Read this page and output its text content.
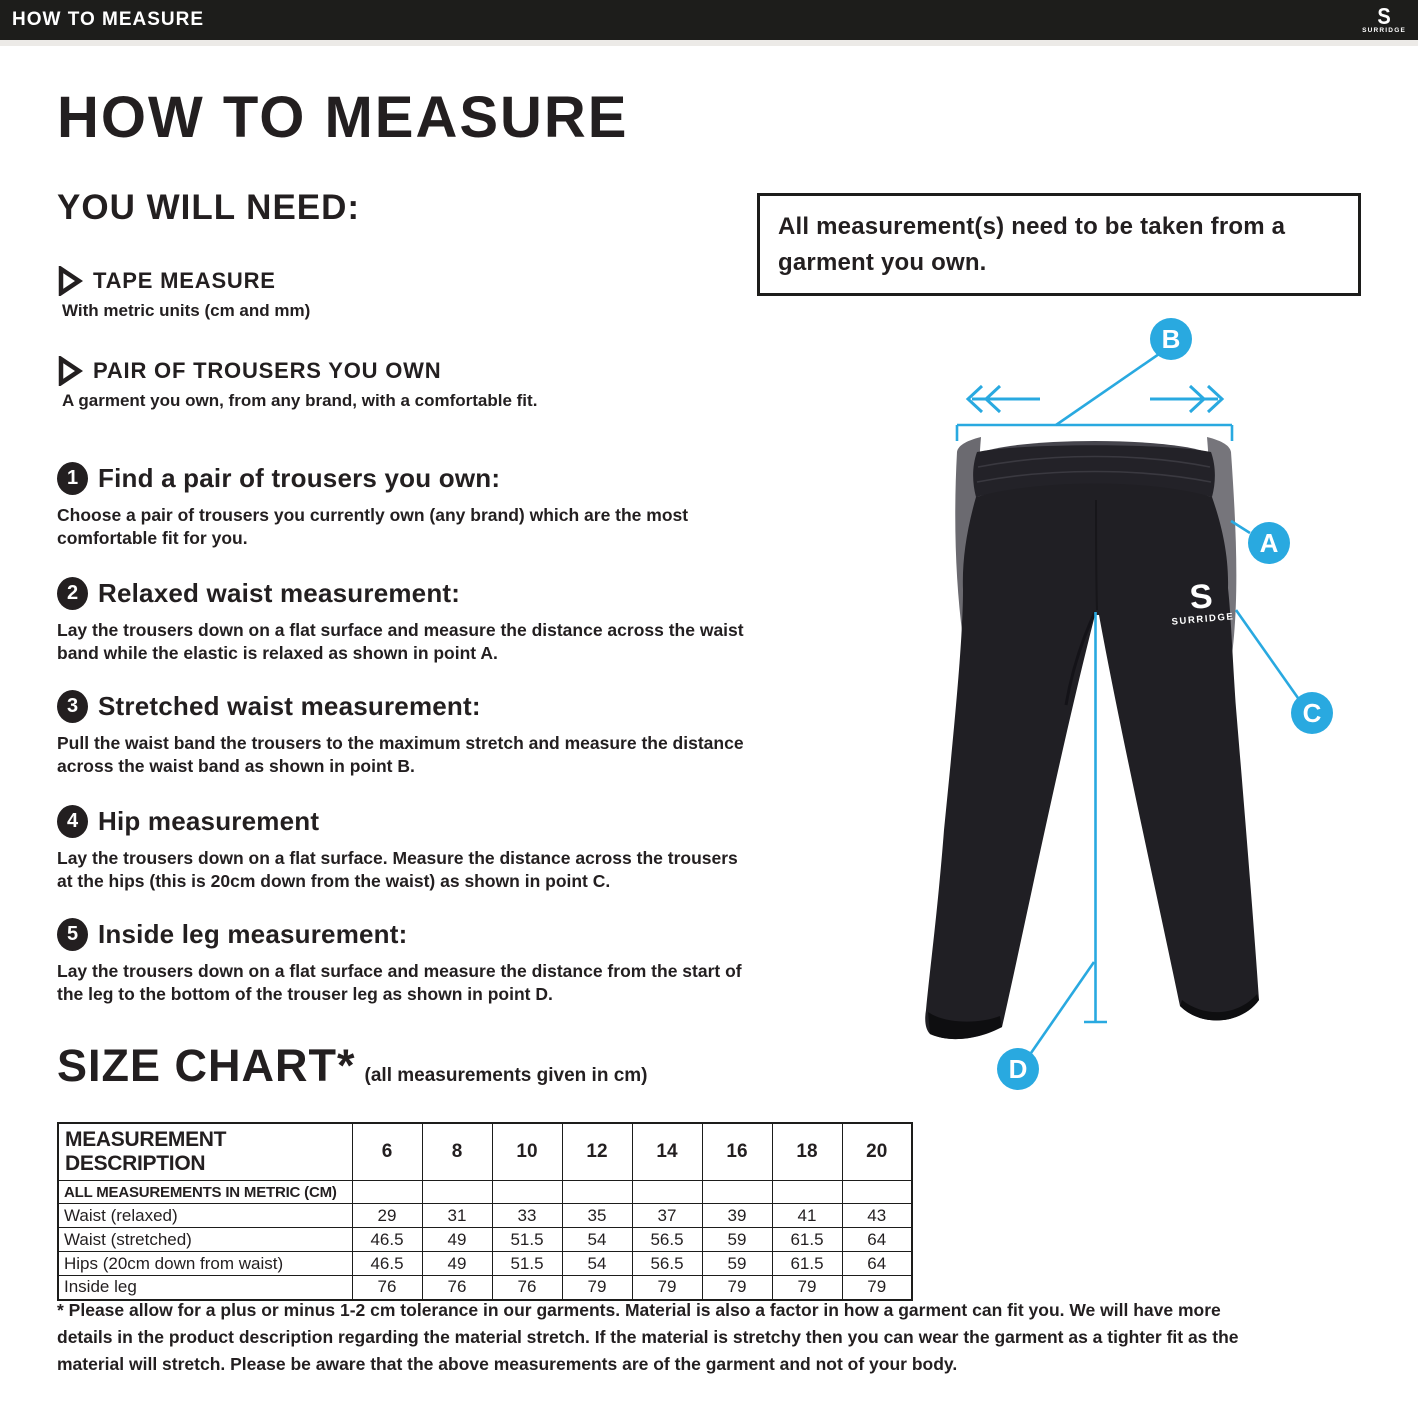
HOW TO MEASURE	S
SURRIDGE
HOW TO MEASURE
YOU WILL NEED:
TAPE MEASURE
With metric units (cm and mm)
PAIR OF TROUSERS YOU OWN
A garment you own, from any brand, with a comfortable fit.
All measurement(s) need to be taken from a garment you own.
1 Find a pair of trousers you own:
Choose a pair of trousers you currently own (any brand) which are the most comfortable fit for you.
2 Relaxed waist measurement:
Lay the trousers down on a flat surface and measure the distance across the waist band while the elastic is relaxed as shown in point A.
3 Stretched waist measurement:
Pull the waist band the trousers to the maximum stretch and measure the distance across the waist band as shown in point B.
4 Hip measurement
Lay the trousers down on a flat surface. Measure the distance across the trousers at the hips (this is 20cm down from the waist) as shown in point C.
5 Inside leg measurement:
Lay the trousers down on a flat surface and measure the distance from the start of the leg to the bottom of the trouser leg as shown in point D.
S
SURRIDGE
B
A
C
D
SIZE CHART* (all measurements given in cm)
MEASUREMENT DESCRIPTION	6	8	10	12	14	16	18	20
ALL MEASUREMENTS IN METRIC (CM)								
Waist (relaxed)	29	31	33	35	37	39	41	43
Waist (stretched)	46.5	49	51.5	54	56.5	59	61.5	64
Hips (20cm down from waist)	46.5	49	51.5	54	56.5	59	61.5	64
Inside leg	76	76	76	79	79	79	79	79
* Please allow for a plus or minus 1-2 cm tolerance in our garments. Material is also a factor in how a garment can fit you. We will have more details in the product description regarding the material stretch. If the material is stretchy then you can wear the garment as a tighter fit as the material will stretch. Please be aware that the above measurements are of the garment and not of your body.
